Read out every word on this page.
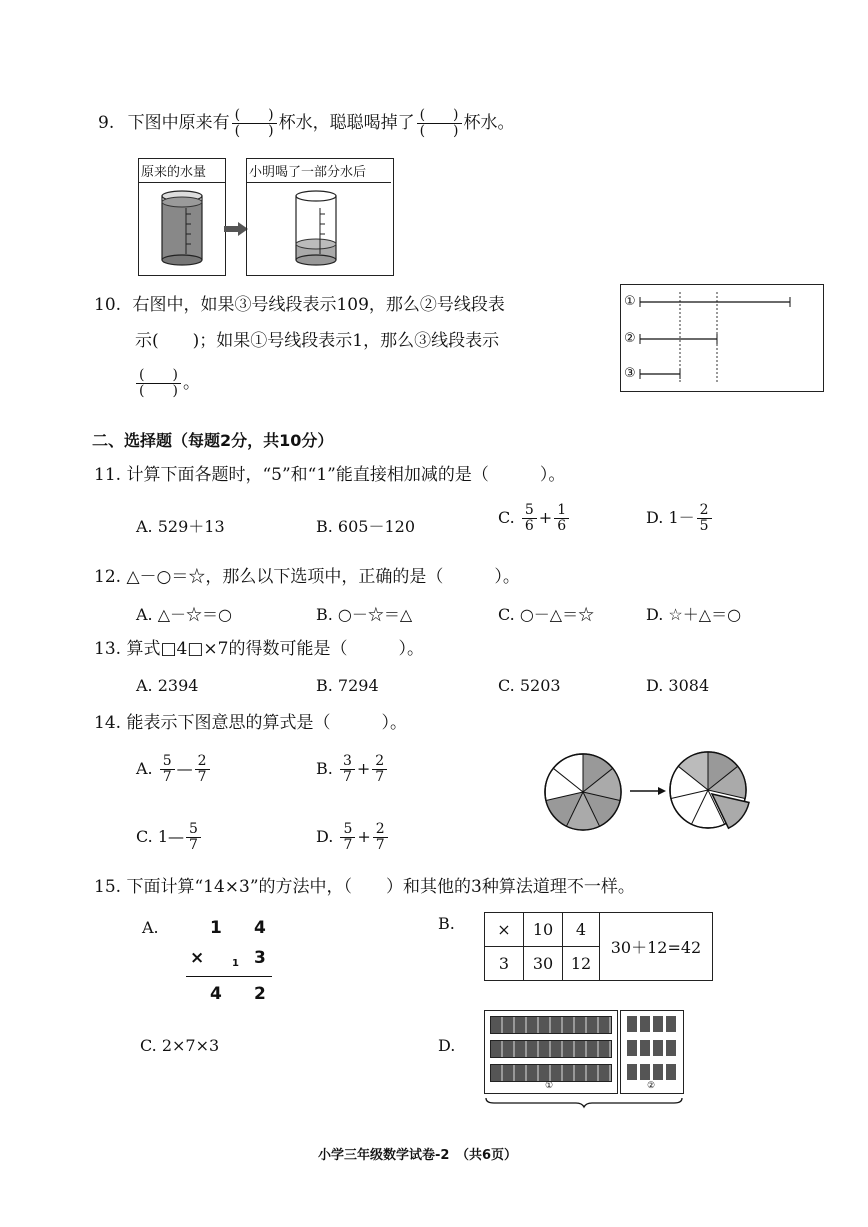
9. 下图中原来有 $\frac{( )}{( )}$ 杯水，聪聪喝掉了 $\frac{( )}{( )}$ 杯水。
原来的水量	小明喝了一部分水后
10. 右图中，如果③号线段表示109，那么②号线段表
示(　　)；如果①号线段表示1，那么③线段表示
$\frac{( )}{( )}$ 。
①
②
③
二、选择题（每题2分，共10分）
11. 计算下面各题时，“5”和“1”能直接相加减的是（　　　）。
A. 529＋13	B. 605－120	C. $\frac{5}{6} + \frac{1}{6}$	D. $1- \frac{2}{5}$
12. △－○＝☆，那么以下选项中，正确的是（　　　）。
A. △－☆＝○	B. ○－☆＝△	C. ○－△＝☆	D. ☆＋△＝○
13. 算式□4□×7的得数可能是（　　　）。
A. 2394	B. 7294	C. 5203	D. 3084
14. 能表示下图意思的算式是（　　　）。
A. $\frac{5}{7}$ — $\frac{2}{7}$	B. $\frac{3}{7} + \frac{2}{7}$
C. 1— $\frac{5}{7}$	D. $\frac{5}{7} + \frac{2}{7}$
15. 下面计算“14×3”的方法中，（　　）和其他的3种算法道理不一样。
A.	1 4
×	1 3
4 2
B.	×	10	4	30＋12=42
3	30	12	
C. 2×7×3	D.
①	②
小学三年级数学试卷-2　（共6页）
